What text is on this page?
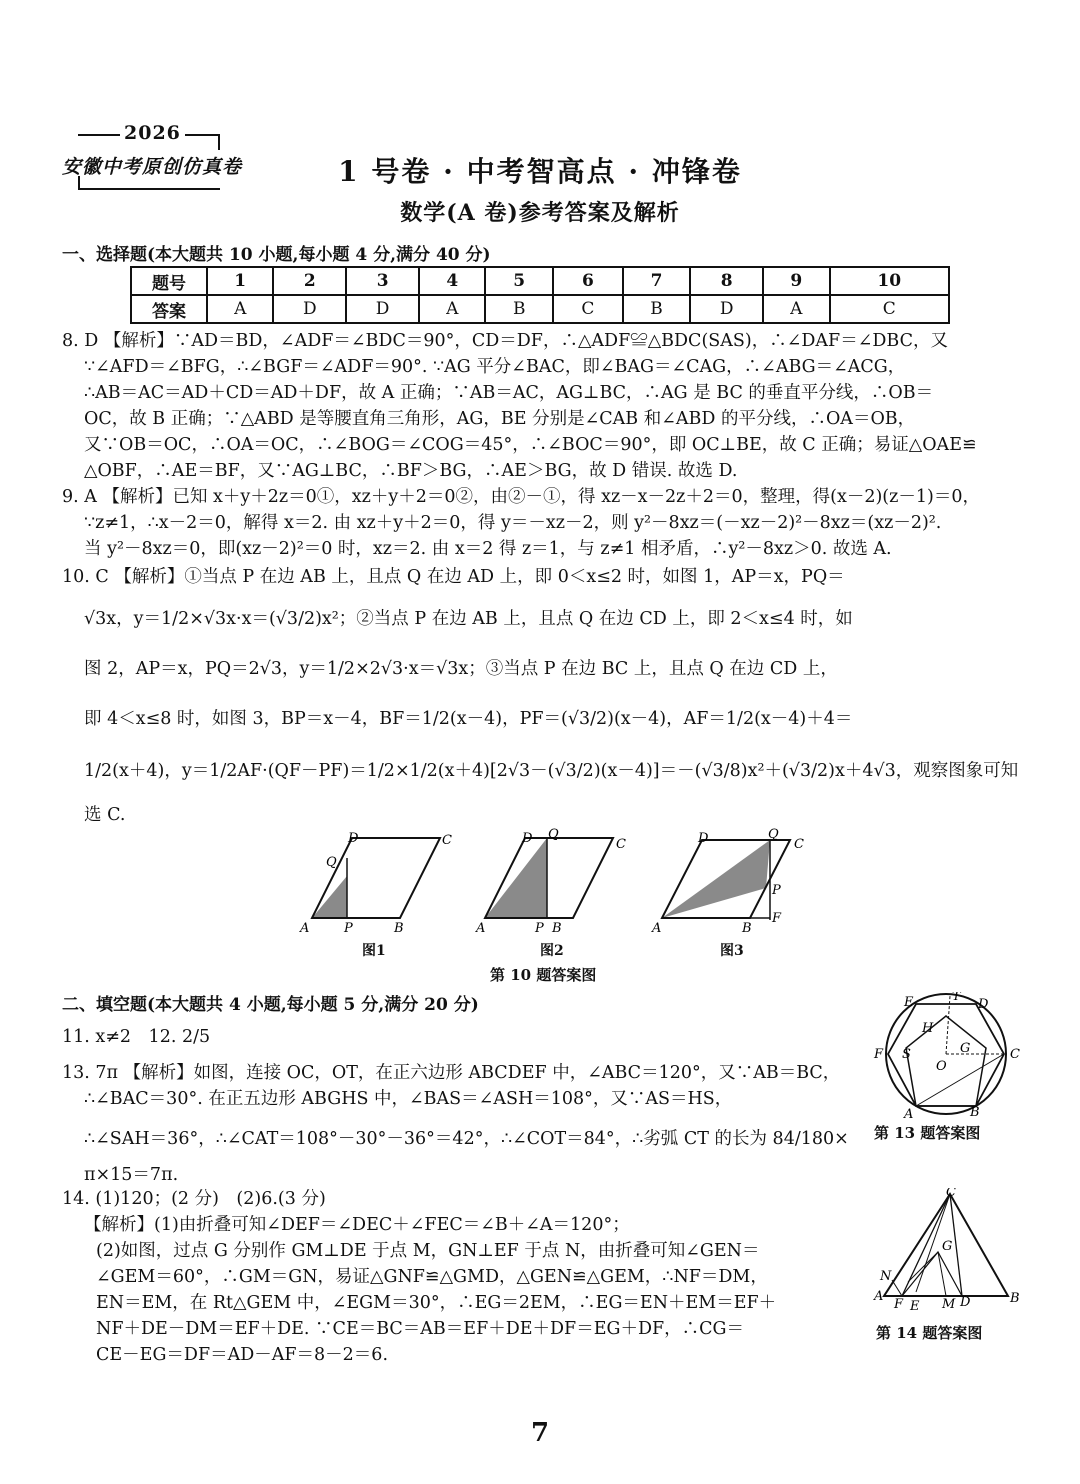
2026
安徽中考原创仿真卷	1 号卷 · 中考智高点 · 冲锋卷
数学(A 卷)参考答案及解析
一、选择题(本大题共 10 小题,每小题 4 分,满分 40 分)
题号	1	2	3	4	5	6	7	8	9	10
答案	A	D	D	A	B	C	B	D	A	C
8. D 【解析】∵AD＝BD，∠ADF＝∠BDC＝90°，CD＝DF，∴△ADF≌△BDC(SAS)，∴∠DAF＝∠DBC，又
∵∠AFD＝∠BFG，∴∠BGF＝∠ADF＝90°. ∵AG 平分∠BAC，即∠BAG＝∠CAG，∴∠ABG＝∠ACG，
∴AB＝AC＝AD＋CD＝AD＋DF，故 A 正确；∵AB＝AC，AG⊥BC，∴AG 是 BC 的垂直平分线，∴OB＝
OC，故 B 正确；∵△ABD 是等腰直角三角形，AG，BE 分别是∠CAB 和∠ABD 的平分线，∴OA＝OB，
又∵OB＝OC，∴OA＝OC，∴∠BOG＝∠COG＝45°，∴∠BOC＝90°，即 OC⊥BE，故 C 正确；易证△OAE≌
△OBF，∴AE＝BF，又∵AG⊥BC，∴BF＞BG，∴AE＞BG，故 D 错误. 故选 D.
9. A 【解析】已知 x＋y＋2z＝0①，xz＋y＋2＝0②，由②－①，得 xz－x－2z＋2＝0，整理，得(x－2)(z－1)＝0，
∵z≠1，∴x－2＝0，解得 x＝2. 由 xz＋y＋2＝0，得 y＝－xz－2，则 y²－8xz＝(－xz－2)²－8xz＝(xz－2)².
当 y²－8xz＝0，即(xz－2)²＝0 时，xz＝2. 由 x＝2 得 z＝1，与 z≠1 相矛盾，∴y²－8xz＞0. 故选 A.
10. C 【解析】①当点 P 在边 AB 上，且点 Q 在边 AD 上，即 0＜x≤2 时，如图 1，AP＝x，PQ＝
√3x，y＝1/2×√3x·x＝(√3/2)x²；②当点 P 在边 AB 上，且点 Q 在边 CD 上，即 2＜x≤4 时，如
图 2，AP＝x，PQ＝2√3，y＝1/2×2√3·x＝√3x；③当点 P 在边 BC 上，且点 Q 在边 CD 上，
即 4＜x≤8 时，如图 3，BP＝x－4，BF＝1/2(x－4)，PF＝(√3/2)(x－4)，AF＝1/2(x－4)＋4＝
1/2(x＋4)，y＝1/2AF·(QF－PF)＝1/2×1/2(x＋4)[2√3－(√3/2)(x－4)]＝－(√3/8)x²＋(√3/2)x＋4√3，观察图象可知
选 C.
A	P	B
Q
D	C
A	P B
D Q
C
A	B
F
P
D	Q
C
图1	图2	图3
第 10 题答案图
二、填空题(本大题共 4 小题,每小题 5 分,满分 20 分)
11. x≠2　12. 2/5
13. 7π 【解析】如图，连接 OC，OT，在正六边形 ABCDEF 中，∠ABC＝120°，又∵AB＝BC，
∴∠BAC＝30°. 在正五边形 ABGHS 中，∠BAS＝∠ASH＝108°，又∵AS＝HS，
∴∠SAH＝36°，∴∠CAT＝108°－30°－36°＝42°，∴∠COT＝84°，∴劣弧 CT 的长为 84/180×
π×15＝7π.
E	T
D
F	C
H
S	G
O
A	B
第 13 题答案图
14. (1)120；(2 分)　(2)6.(3 分)
【解析】(1)由折叠可知∠DEF＝∠DEC＋∠FEC＝∠B＋∠A＝120°；
(2)如图，过点 G 分别作 GM⊥DE 于点 M，GN⊥EF 于点 N，由折叠可知∠GEN＝
∠GEM＝60°，∴GM＝GN，易证△GNF≌△GMD，△GEN≌△GEM，∴NF＝DM，
EN＝EM，在 Rt△GEM 中，∠EGM＝30°，∴EG＝2EM，∴EG＝EN＋EM＝EF＋
NF＋DE－DM＝EF＋DE. ∵CE＝BC＝AB＝EF＋DE＋DF＝EG＋DF，∴CG＝
CE－EG＝DF＝AD－AF＝8－2＝6.
C
G
N
A
F E M D	B
第 14 题答案图
7
